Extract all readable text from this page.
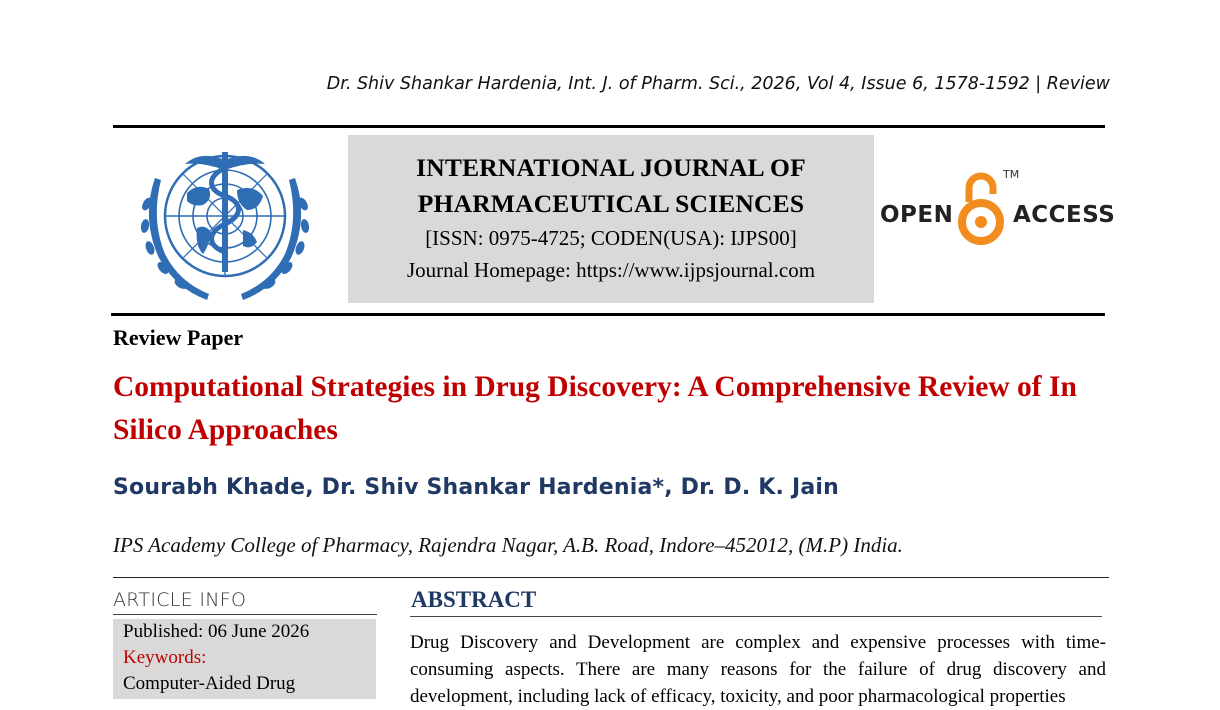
Dr. Shiv Shankar Hardenia, Int. J. of Pharm. Sci., 2026, Vol 4, Issue 6, 1578-1592 | Review
INTERNATIONAL JOURNAL OF
PHARMACEUTICAL SCIENCES
[ISSN: 0975-4725; CODEN(USA): IJPS00]
Journal Homepage: https://www.ijpsjournal.com
OPEN
TM
ACCESS
Review Paper
Computational Strategies in Drug Discovery: A Comprehensive Review of In Silico Approaches
Sourabh Khade, Dr. Shiv Shankar Hardenia*, Dr. D. K. Jain
IPS Academy College of Pharmacy, Rajendra Nagar, A.B. Road, Indore–452012, (M.P) India.
ARTICLE INFO
Published: 06 June 2026
Keywords:
Computer-Aided Drug
ABSTRACT
Drug Discovery and Development are complex and expensive processes with time-consuming aspects. There are many reasons for the failure of drug discovery and development, including lack of efficacy, toxicity, and poor pharmacological properties
